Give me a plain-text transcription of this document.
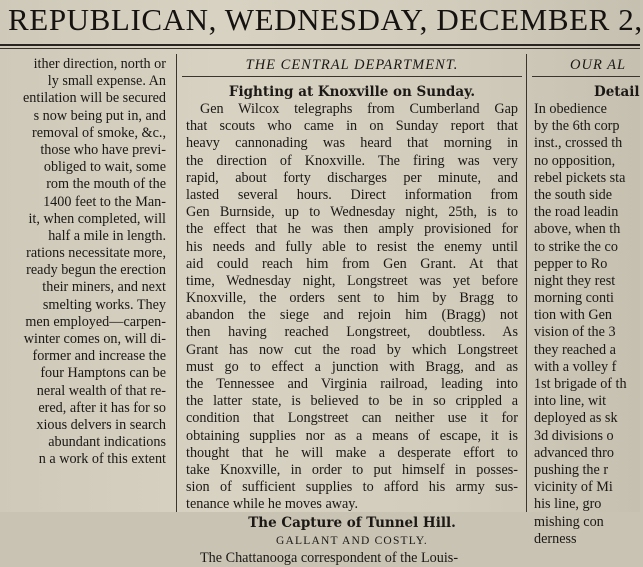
REPUBLICAN, WEDNESDAY, DECEMBER 2,
ither direction, north or
ly small expense. An
entilation will be secured
s now being put in, and
removal of smoke, &c.,
those who have previ-
obliged to wait, some
rom the mouth of the
1400 feet to the Man-
it, when completed, will
half a mile in length.
rations necessitate more,
ready begun the erection
their miners, and next
smelting works. They
men employed—carpen-
winter comes on, will di-
former and increase the
four Hamptons can be
neral wealth of that re-
ered, after it has for so
xious delvers in search
abundant indications
n a work of this extent
THE CENTRAL DEPARTMENT.
Fighting at Knoxville on Sunday.
Gen Wilcox telegraphs from Cumberland Gap
that scouts who came in on Sunday report that
heavy cannonading was heard that morning in
the direction of Knoxville. The firing was very
rapid, about forty discharges per minute, and
lasted several hours. Direct information from
Gen Burnside, up to Wednesday night, 25th, is to
the effect that he was then amply provisioned for
his needs and fully able to resist the enemy until
aid could reach him from Gen Grant. At that
time, Wednesday night, Longstreet was yet before
Knoxville, the orders sent to him by Bragg to
abandon the siege and rejoin him (Bragg) not
then having reached Longstreet, doubtless. As
Grant has now cut the road by which Longstreet
must go to effect a junction with Bragg, and as
the Tennessee and Virginia railroad, leading into
the latter state, is believed to be in so crippled a
condition that Longstreet can neither use it for
obtaining supplies nor as a means of escape, it is
thought that he will make a desperate effort to
take Knoxville, in order to put himself in posses-
sion of sufficient supplies to afford his army sus-
tenance while he moves away.
The Capture of Tunnel Hill.
GALLANT AND COSTLY.
The Chattanooga correspondent of the Louis-
OUR AL
Detail
In obedience
by the 6th corp
inst., crossed th
no opposition,
rebel pickets sta
the south side
the road leadin
above, when th
to strike the co
pepper to Ro
night they rest
morning conti
tion with Gen
vision of the 3
they reached a
with a volley f
1st brigade of th
into line, wit
deployed as sk
3d divisions o
advanced thro
pushing the r
vicinity of Mi
his line, gro
mishing con
derness
